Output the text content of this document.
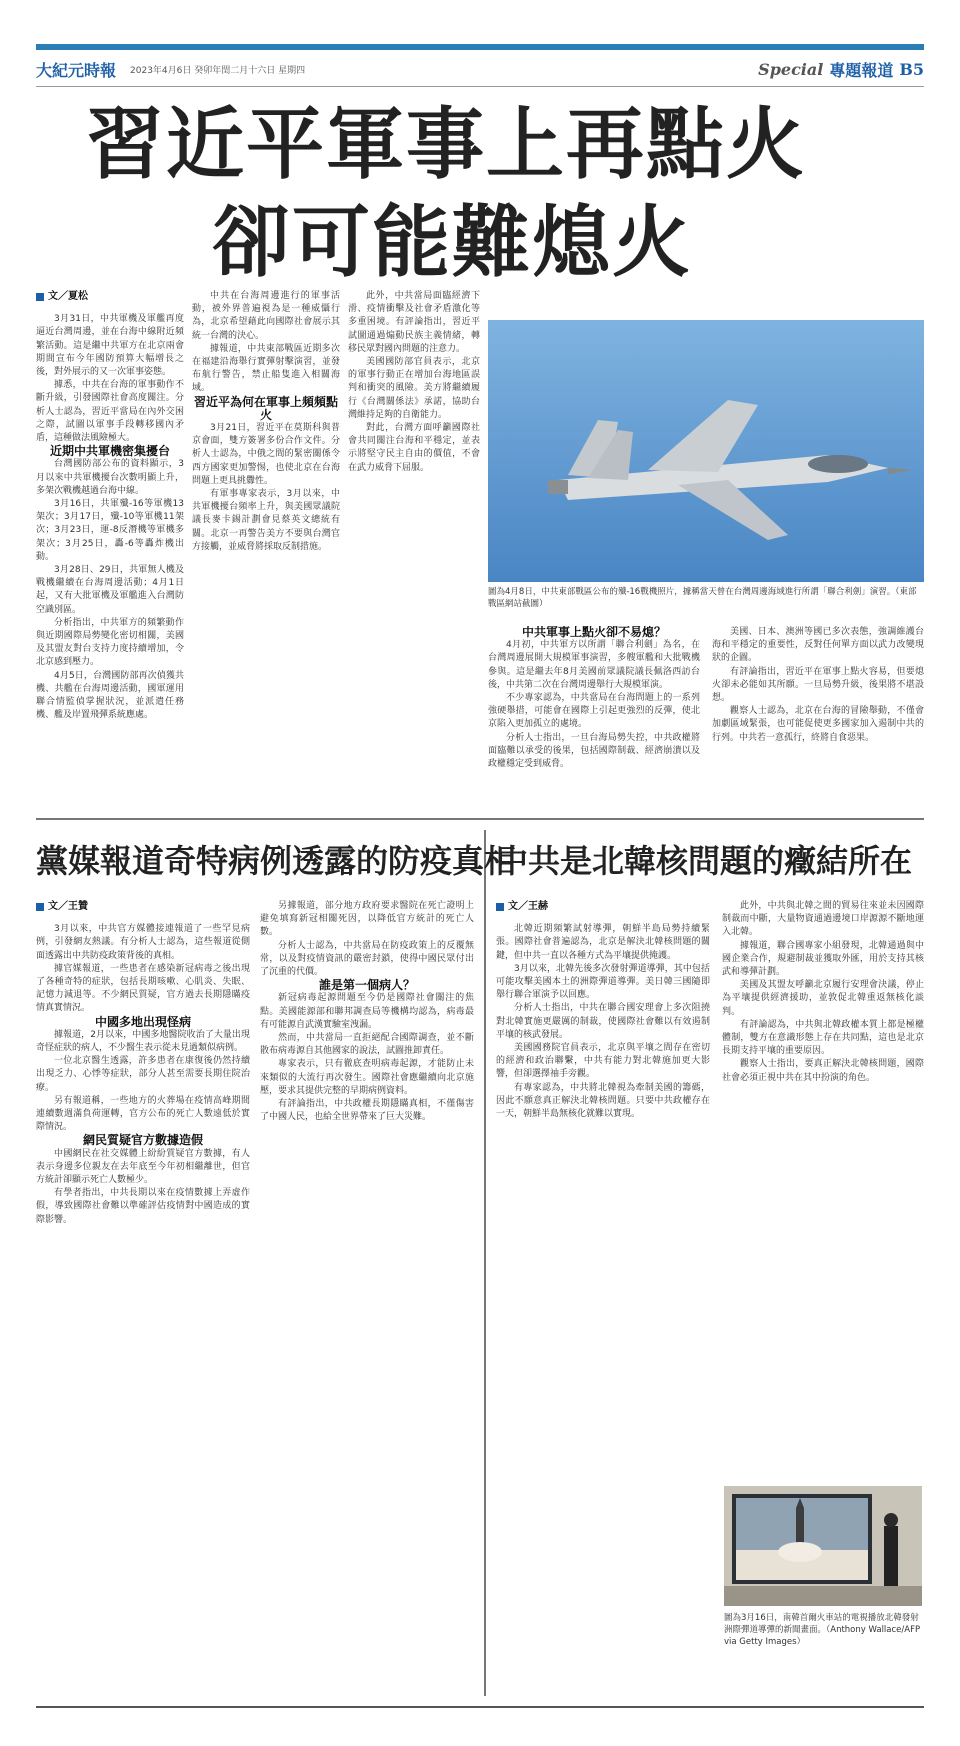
大紀元時報 2023年4月6日 癸卯年閏二月十六日 星期四	Special 專題報道 B5
習近平軍事上再點火
卻可能難熄火
文／夏松

3月31日，中共軍機及軍艦再度逼近台灣周邊，並在台海中線附近頻繁活動。這是繼中共軍方在北京兩會期間宣布今年國防預算大幅增長之後，對外展示的又一次軍事姿態。

據悉，中共在台海的軍事動作不斷升級，引發國際社會高度關注。分析人士認為，習近平當局在內外交困之際，試圖以軍事手段轉移國內矛盾，這種做法風險極大。

近期中共軍機密集擾台

台灣國防部公布的資料顯示，3月以來中共軍機擾台次數明顯上升，多架次戰機越過台海中線。

3月16日，共軍殲-16等軍機13架次；3月17日，殲-10等軍機11架次；3月23日，運-8反潛機等軍機多架次；3月25日，轟-6等轟炸機出動。

3月28日、29日，共軍無人機及戰機繼續在台海周邊活動；4月1日起，又有大批軍機及軍艦進入台灣防空識別區。

分析指出，中共軍方的頻繁動作與近期國際局勢變化密切相關，美國及其盟友對台支持力度持續增加，令北京感到壓力。

4月5日，台灣國防部再次偵獲共機、共艦在台海周邊活動，國軍運用聯合情監偵掌握狀況，並派遣任務機、艦及岸置飛彈系統應處。

中共在台海周邊進行的軍事活動，被外界普遍視為是一種威懾行為，北京希望藉此向國際社會展示其統一台灣的決心。

據報道，中共東部戰區近期多次在福建沿海舉行實彈射擊演習，並發布航行警告，禁止船隻進入相關海域。

習近平為何在軍事上頻頻點火

3月21日，習近平在莫斯科與普京會面，雙方簽署多份合作文件。分析人士認為，中俄之間的緊密關係令西方國家更加警惕，也使北京在台海問題上更具挑釁性。

有軍事專家表示，3月以來，中共軍機擾台頻率上升，與美國眾議院議長麥卡錫計劃會見蔡英文總統有關。北京一再警告美方不要與台灣官方接觸，並威脅將採取反制措施。

此外，中共當局面臨經濟下滑、疫情衝擊及社會矛盾激化等多重困境。有評論指出，習近平試圖通過煽動民族主義情緒，轉移民眾對國內問題的注意力。

美國國防部官員表示，北京的軍事行動正在增加台海地區誤判和衝突的風險。美方將繼續履行《台灣關係法》承諾，協助台灣維持足夠的自衛能力。

對此，台灣方面呼籲國際社會共同關注台海和平穩定，並表示將堅守民主自由的價值，不會在武力威脅下屈服。

圖為4月8日，中共東部戰區公布的殲-16戰機照片，據稱當天曾在台灣周邊海域進行所謂「聯合利劍」演習。（東部戰區網站截圖）

中共軍事上點火卻不易熄？

4月初，中共軍方以所謂「聯合利劍」為名，在台灣周邊展開大規模軍事演習，多艘軍艦和大批戰機參與。這是繼去年8月美國前眾議院議長佩洛西訪台後，中共第二次在台灣周邊舉行大規模軍演。

不少專家認為，中共當局在台海問題上的一系列強硬舉措，可能會在國際上引起更強烈的反彈，使北京陷入更加孤立的處境。

分析人士指出，一旦台海局勢失控，中共政權將面臨難以承受的後果，包括國際制裁、經濟崩潰以及政權穩定受到威脅。

美國、日本、澳洲等國已多次表態，強調維護台海和平穩定的重要性，反對任何單方面以武力改變現狀的企圖。

有評論指出，習近平在軍事上點火容易，但要熄火卻未必能如其所願。一旦局勢升級，後果將不堪設想。

觀察人士認為，北京在台海的冒險舉動，不僅會加劇區域緊張，也可能促使更多國家加入遏制中共的行列。中共若一意孤行，終將自食惡果。

黨媒報道奇特病例透露的防疫真相
文／王贊

3月以來，中共官方媒體接連報道了一些罕見病例，引發網友熱議。有分析人士認為，這些報道從側面透露出中共防疫政策背後的真相。

據官媒報道，一些患者在感染新冠病毒之後出現了各種奇特的症狀，包括長期咳嗽、心肌炎、失眠、記憶力減退等。不少網民質疑，官方過去長期隱瞞疫情真實情況。

中國多地出現怪病

據報道，2月以來，中國多地醫院收治了大量出現奇怪症狀的病人，不少醫生表示從未見過類似病例。

一位北京醫生透露，許多患者在康復後仍然持續出現乏力、心悸等症狀，部分人甚至需要長期住院治療。

另有報道稱，一些地方的火葬場在疫情高峰期間連續數週滿負荷運轉，官方公布的死亡人數遠低於實際情況。

網民質疑官方數據造假

中國網民在社交媒體上紛紛質疑官方數據，有人表示身邊多位親友在去年底至今年初相繼離世，但官方統計卻顯示死亡人數極少。

有學者指出，中共長期以來在疫情數據上弄虛作假，導致國際社會難以準確評估疫情對中國造成的實際影響。

另據報道，部分地方政府要求醫院在死亡證明上避免填寫新冠相關死因，以降低官方統計的死亡人數。

分析人士認為，中共當局在防疫政策上的反覆無常，以及對疫情資訊的嚴密封鎖，使得中國民眾付出了沉重的代價。

誰是第一個病人？

新冠病毒起源問題至今仍是國際社會關注的焦點。美國能源部和聯邦調查局等機構均認為，病毒最有可能源自武漢實驗室洩漏。

然而，中共當局一直拒絕配合國際調查，並不斷散布病毒源自其他國家的說法，試圖推卸責任。

專家表示，只有徹底查明病毒起源，才能防止未來類似的大流行再次發生。國際社會應繼續向北京施壓，要求其提供完整的早期病例資料。

有評論指出，中共政權長期隱瞞真相，不僅傷害了中國人民，也給全世界帶來了巨大災難。

中共是北韓核問題的癥結所在
文／王赫

北韓近期頻繁試射導彈，朝鮮半島局勢持續緊張。國際社會普遍認為，北京是解決北韓核問題的關鍵，但中共一直以各種方式為平壤提供掩護。

3月以來，北韓先後多次發射彈道導彈，其中包括可能攻擊美國本土的洲際彈道導彈。美日韓三國隨即舉行聯合軍演予以回應。

分析人士指出，中共在聯合國安理會上多次阻撓對北韓實施更嚴厲的制裁，使國際社會難以有效遏制平壤的核武發展。

美國國務院官員表示，北京與平壤之間存在密切的經濟和政治聯繫，中共有能力對北韓施加更大影響，但卻選擇袖手旁觀。

有專家認為，中共將北韓視為牽制美國的籌碼，因此不願意真正解決北韓核問題。只要中共政權存在一天，朝鮮半島無核化就難以實現。

此外，中共與北韓之間的貿易往來並未因國際制裁而中斷，大量物資通過邊境口岸源源不斷地運入北韓。

據報道，聯合國專家小組發現，北韓通過與中國企業合作，規避制裁並獲取外匯，用於支持其核武和導彈計劃。

美國及其盟友呼籲北京履行安理會決議，停止為平壤提供經濟援助，並敦促北韓重返無核化談判。

有評論認為，中共與北韓政權本質上都是極權體制，雙方在意識形態上存在共同點，這也是北京長期支持平壤的重要原因。

觀察人士指出，要真正解決北韓核問題，國際社會必須正視中共在其中扮演的角色。

圖為3月16日，南韓首爾火車站的電視播放北韓發射洲際彈道導彈的新聞畫面。（Anthony Wallace/AFP via Getty Images）
